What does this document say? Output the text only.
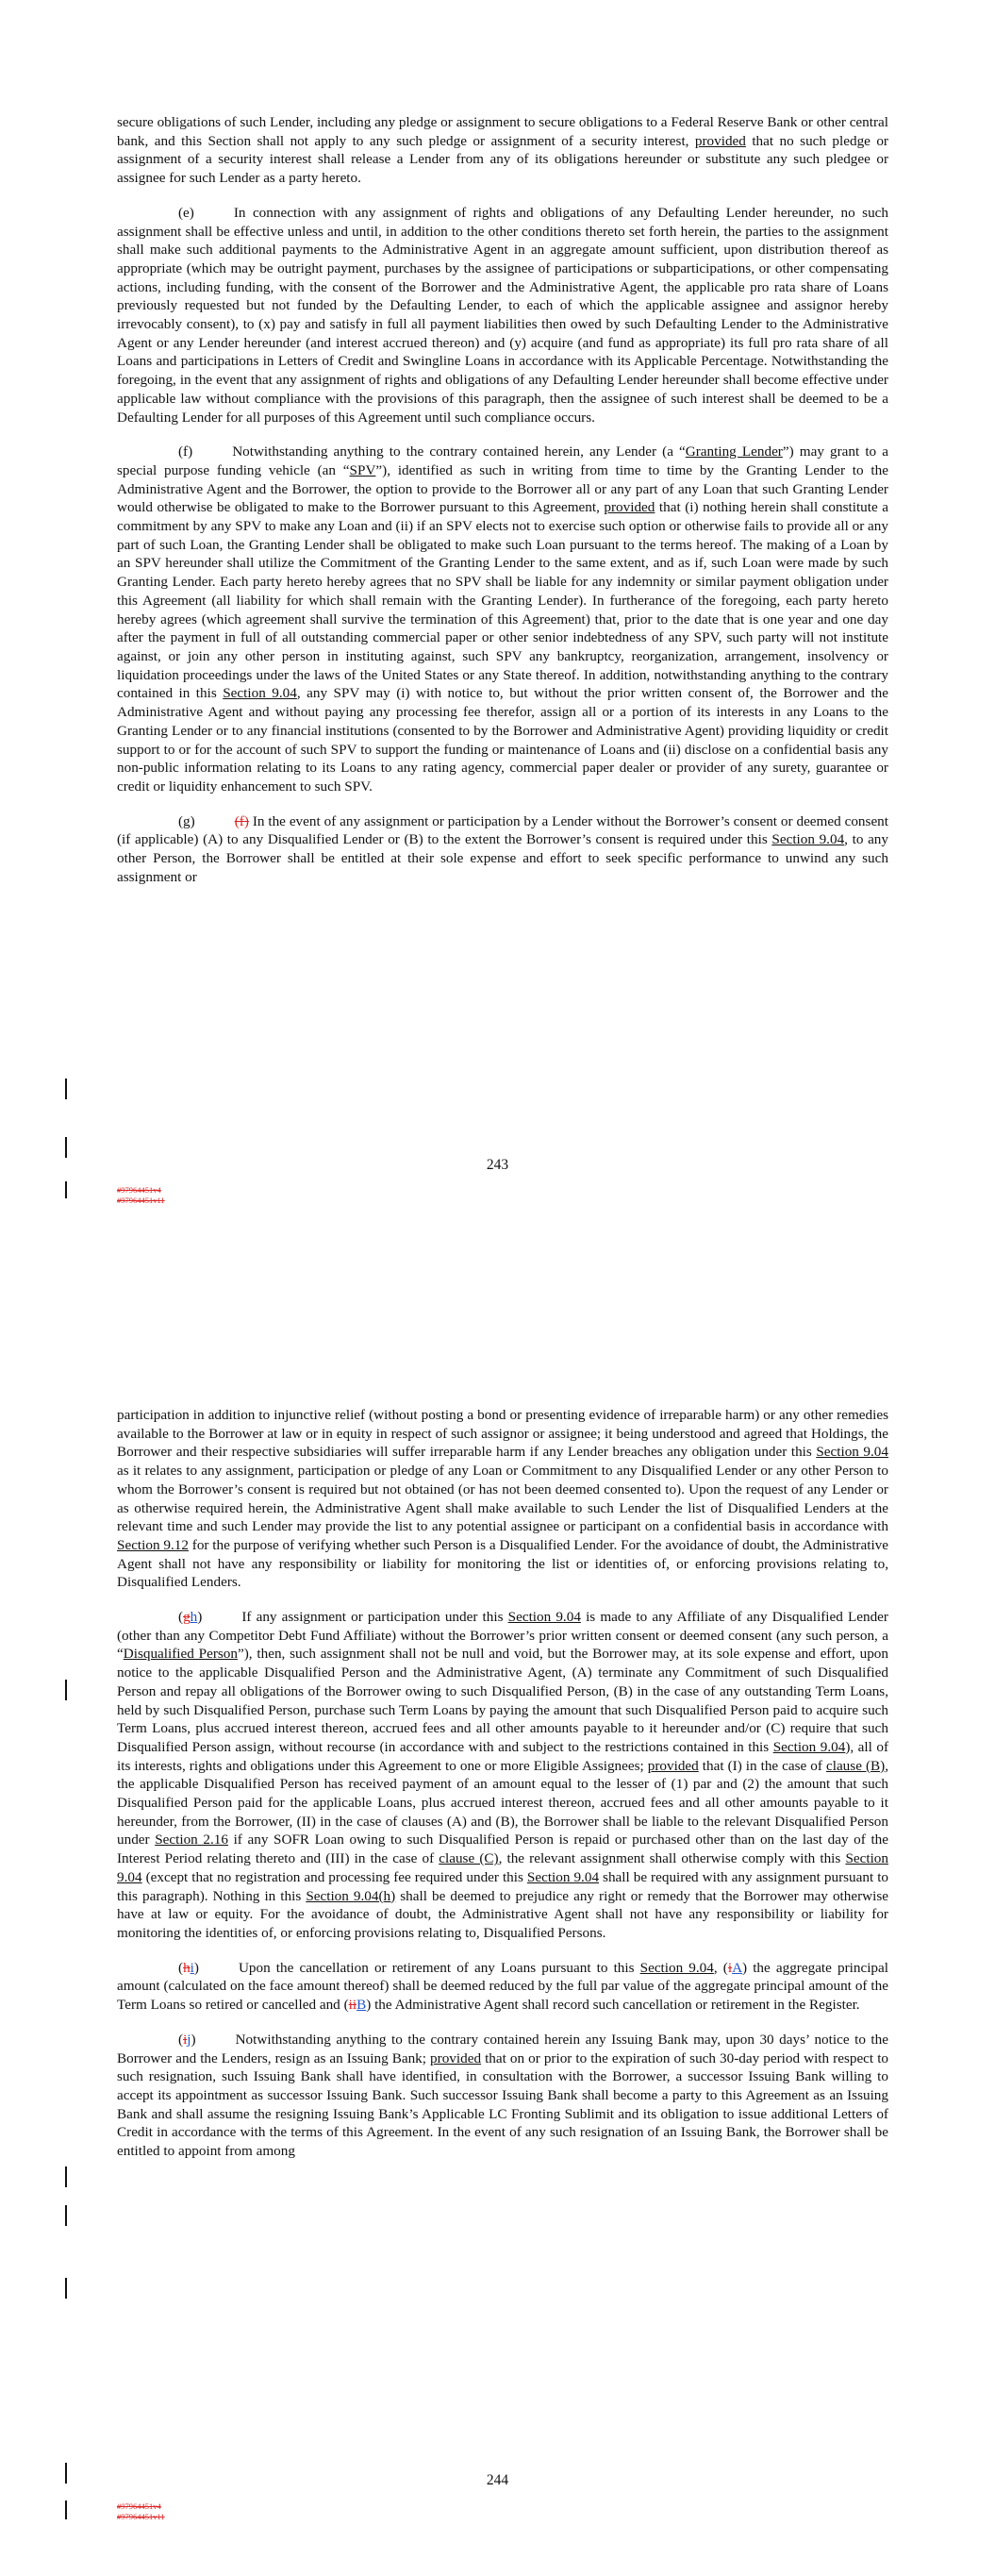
secure obligations of such Lender, including any pledge or assignment to secure obligations to a Federal Reserve Bank or other central bank, and this Section shall not apply to any such pledge or assignment of a security interest, provided that no such pledge or assignment of a security interest shall release a Lender from any of its obligations hereunder or substitute any such pledgee or assignee for such Lender as a party hereto.

(e)	In connection with any assignment of rights and obligations of any Defaulting Lender hereunder, no such assignment shall be effective unless and until, in addition to the other conditions thereto set forth herein, the parties to the assignment shall make such additional payments to the Administrative Agent in an aggregate amount sufficient, upon distribution thereof as appropriate (which may be outright payment, purchases by the assignee of participations or subparticipations, or other compensating actions, including funding, with the consent of the Borrower and the Administrative Agent, the applicable pro rata share of Loans previously requested but not funded by the Defaulting Lender, to each of which the applicable assignee and assignor hereby irrevocably consent), to (x) pay and satisfy in full all payment liabilities then owed by such Defaulting Lender to the Administrative Agent or any Lender hereunder (and interest accrued thereon) and (y) acquire (and fund as appropriate) its full pro rata share of all Loans and participations in Letters of Credit and Swingline Loans in accordance with its Applicable Percentage. Notwithstanding the foregoing, in the event that any assignment of rights and obligations of any Defaulting Lender hereunder shall become effective under applicable law without compliance with the provisions of this paragraph, then the assignee of such interest shall be deemed to be a Defaulting Lender for all purposes of this Agreement until such compliance occurs.

(f)	Notwithstanding anything to the contrary contained herein, any Lender (a “Granting Lender”) may grant to a special purpose funding vehicle (an “SPV”), identified as such in writing from time to time by the Granting Lender to the Administrative Agent and the Borrower, the option to provide to the Borrower all or any part of any Loan that such Granting Lender would otherwise be obligated to make to the Borrower pursuant to this Agreement, provided that (i) nothing herein shall constitute a commitment by any SPV to make any Loan and (ii) if an SPV elects not to exercise such option or otherwise fails to provide all or any part of such Loan, the Granting Lender shall be obligated to make such Loan pursuant to the terms hereof. The making of a Loan by an SPV hereunder shall utilize the Commitment of the Granting Lender to the same extent, and as if, such Loan were made by such Granting Lender. Each party hereto hereby agrees that no SPV shall be liable for any indemnity or similar payment obligation under this Agreement (all liability for which shall remain with the Granting Lender). In furtherance of the foregoing, each party hereto hereby agrees (which agreement shall survive the termination of this Agreement) that, prior to the date that is one year and one day after the payment in full of all outstanding commercial paper or other senior indebtedness of any SPV, such party will not institute against, or join any other person in instituting against, such SPV any bankruptcy, reorganization, arrangement, insolvency or liquidation proceedings under the laws of the United States or any State thereof. In addition, notwithstanding anything to the contrary contained in this Section 9.04, any SPV may (i) with notice to, but without the prior written consent of, the Borrower and the Administrative Agent and without paying any processing fee therefor, assign all or a portion of its interests in any Loans to the Granting Lender or to any financial institutions (consented to by the Borrower and Administrative Agent) providing liquidity or credit support to or for the account of such SPV to support the funding or maintenance of Loans and (ii) disclose on a confidential basis any non-public information relating to its Loans to any rating agency, commercial paper dealer or provider of any surety, guarantee or credit or liquidity enhancement to such SPV.

(g)	(f) In the event of any assignment or participation by a Lender without the Borrower’s consent or deemed consent (if applicable) (A) to any Disqualified Lender or (B) to the extent the Borrower’s consent is required under this Section 9.04, to any other Person, the Borrower shall be entitled at their sole expense and effort to seek specific performance to unwind any such assignment or

243
#97964451v4
#97964451v11

participation in addition to injunctive relief (without posting a bond or presenting evidence of irreparable harm) or any other remedies available to the Borrower at law or in equity in respect of such assignor or assignee; it being understood and agreed that Holdings, the Borrower and their respective subsidiaries will suffer irreparable harm if any Lender breaches any obligation under this Section 9.04 as it relates to any assignment, participation or pledge of any Loan or Commitment to any Disqualified Lender or any other Person to whom the Borrower’s consent is required but not obtained (or has not been deemed consented to). Upon the request of any Lender or as otherwise required herein, the Administrative Agent shall make available to such Lender the list of Disqualified Lenders at the relevant time and such Lender may provide the list to any potential assignee or participant on a confidential basis in accordance with Section 9.12 for the purpose of verifying whether such Person is a Disqualified Lender. For the avoidance of doubt, the Administrative Agent shall not have any responsibility or liability for monitoring the list or identities of, or enforcing provisions relating to, Disqualified Lenders.

(gh)	If any assignment or participation under this Section 9.04 is made to any Affiliate of any Disqualified Lender (other than any Competitor Debt Fund Affiliate) without the Borrower’s prior written consent or deemed consent (any such person, a “Disqualified Person”), then, such assignment shall not be null and void, but the Borrower may, at its sole expense and effort, upon notice to the applicable Disqualified Person and the Administrative Agent, (A) terminate any Commitment of such Disqualified Person and repay all obligations of the Borrower owing to such Disqualified Person, (B) in the case of any outstanding Term Loans, held by such Disqualified Person, purchase such Term Loans by paying the amount that such Disqualified Person paid to acquire such Term Loans, plus accrued interest thereon, accrued fees and all other amounts payable to it hereunder and/or (C) require that such Disqualified Person assign, without recourse (in accordance with and subject to the restrictions contained in this Section 9.04), all of its interests, rights and obligations under this Agreement to one or more Eligible Assignees; provided that (I) in the case of clause (B), the applicable Disqualified Person has received payment of an amount equal to the lesser of (1) par and (2) the amount that such Disqualified Person paid for the applicable Loans, plus accrued interest thereon, accrued fees and all other amounts payable to it hereunder, from the Borrower, (II) in the case of clauses (A) and (B), the Borrower shall be liable to the relevant Disqualified Person under Section 2.16 if any SOFR Loan owing to such Disqualified Person is repaid or purchased other than on the last day of the Interest Period relating thereto and (III) in the case of clause (C), the relevant assignment shall otherwise comply with this Section 9.04 (except that no registration and processing fee required under this Section 9.04 shall be required with any assignment pursuant to this paragraph). Nothing in this Section 9.04(h) shall be deemed to prejudice any right or remedy that the Borrower may otherwise have at law or equity. For the avoidance of doubt, the Administrative Agent shall not have any responsibility or liability for monitoring the identities of, or enforcing provisions relating to, Disqualified Persons.

(hi)	Upon the cancellation or retirement of any Loans pursuant to this Section 9.04, (iA) the aggregate principal amount (calculated on the face amount thereof) shall be deemed reduced by the full par value of the aggregate principal amount of the Term Loans so retired or cancelled and (iiB) the Administrative Agent shall record such cancellation or retirement in the Register.

(ij)	Notwithstanding anything to the contrary contained herein any Issuing Bank may, upon 30 days’ notice to the Borrower and the Lenders, resign as an Issuing Bank; provided that on or prior to the expiration of such 30-day period with respect to such resignation, such Issuing Bank shall have identified, in consultation with the Borrower, a successor Issuing Bank willing to accept its appointment as successor Issuing Bank. Such successor Issuing Bank shall become a party to this Agreement as an Issuing Bank and shall assume the resigning Issuing Bank’s Applicable LC Fronting Sublimit and its obligation to issue additional Letters of Credit in accordance with the terms of this Agreement. In the event of any such resignation of an Issuing Bank, the Borrower shall be entitled to appoint from among

244
#97964451v4
#97964451v11
